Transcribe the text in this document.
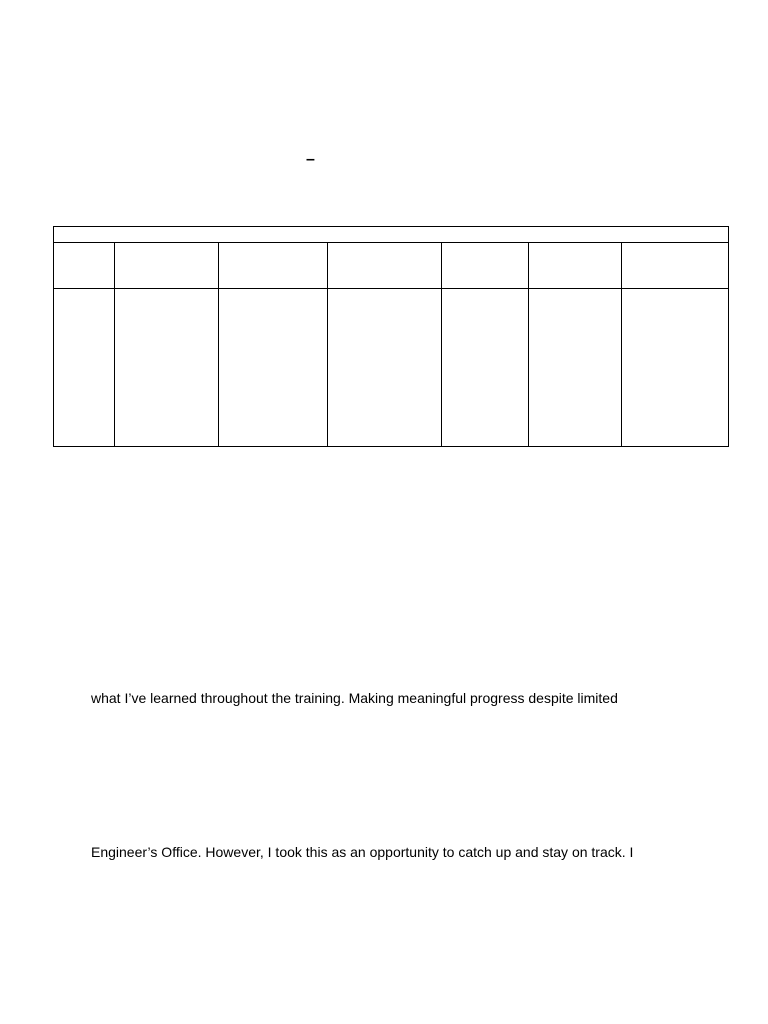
–

what I’ve learned throughout the training. Making meaningful progress despite limited
Engineer’s Office. However, I took this as an opportunity to catch up and stay on track. I
